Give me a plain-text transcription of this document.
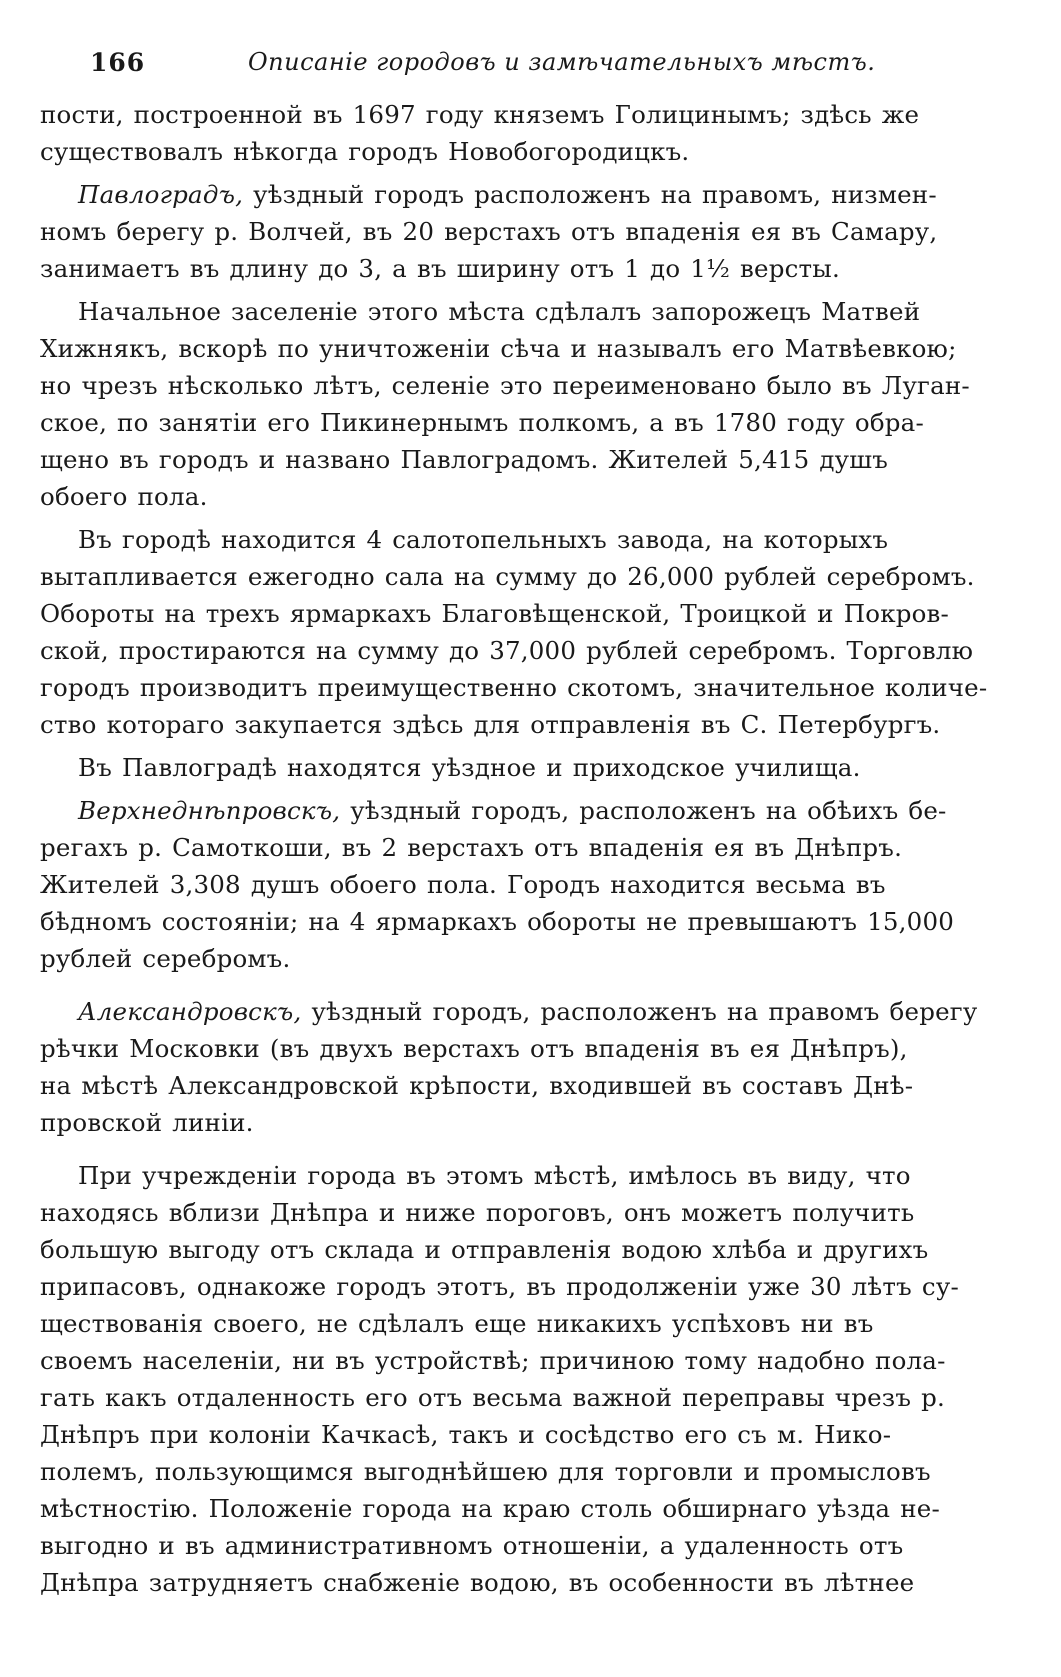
166	Описаніе городовъ и замѣчательныхъ мѣстъ.

пости, построенной въ 1697 году княземъ Голицинымъ; здѣсь же
существовалъ нѣкогда городъ Новобогородицкъ.

Павлоградъ, уѣздный городъ расположенъ на правомъ, низмен-
номъ берегу р. Волчей, въ 20 верстахъ отъ впаденія ея въ Самару,
занимаетъ въ длину до 3, а въ ширину отъ 1 до 1½ версты.

Начальное заселеніе этого мѣста сдѣлалъ запорожецъ Матвей
Хижнякъ, вскорѣ по уничтоженіи сѣча и называлъ его Матвѣевкою;
но чрезъ нѣсколько лѣтъ, селеніе это переименовано было въ Луган-
ское, по занятіи его Пикинернымъ полкомъ, а въ 1780 году обра-
щено въ городъ и названо Павлоградомъ. Жителей 5,415 душъ
обоего пола.

Въ городѣ находится 4 салотопельныхъ завода, на которыхъ
вытапливается ежегодно сала на сумму до 26,000 рублей серебромъ.
Обороты на трехъ ярмаркахъ Благовѣщенской, Троицкой и Покров-
ской, простираются на сумму до 37,000 рублей серебромъ. Торговлю
городъ производитъ преимущественно скотомъ, значительное количе-
ство котораго закупается здѣсь для отправленія въ С. Петербургъ.

Въ Павлоградѣ находятся уѣздное и приходское училища.

Верхнеднѣпровскъ, уѣздный городъ, расположенъ на обѣихъ бе-
регахъ р. Самоткоши, въ 2 верстахъ отъ впаденія ея въ Днѣпръ.
Жителей 3,308 душъ обоего пола. Городъ находится весьма въ
бѣдномъ состояніи; на 4 ярмаркахъ обороты не превышаютъ 15,000
рублей серебромъ.

Александровскъ, уѣздный городъ, расположенъ на правомъ берегу
рѣчки Московки (въ двухъ верстахъ отъ впаденія въ ея Днѣпръ),
на мѣстѣ Александровской крѣпости, входившей въ составъ Днѣ-
провской линіи.

При учрежденіи города въ этомъ мѣстѣ, имѣлось въ виду, что
находясь вблизи Днѣпра и ниже пороговъ, онъ можетъ получить
большую выгоду отъ склада и отправленія водою хлѣба и другихъ
припасовъ, однакоже городъ этотъ, въ продолженіи уже 30 лѣтъ су-
ществованія своего, не сдѣлалъ еще никакихъ успѣховъ ни въ
своемъ населеніи, ни въ устройствѣ; причиною тому надобно пола-
гать какъ отдаленность его отъ весьма важной переправы чрезъ р.
Днѣпръ при колоніи Качкасѣ, такъ и сосѣдство его съ м. Нико-
полемъ, пользующимся выгоднѣйшею для торговли и промысловъ
мѣстностію. Положеніе города на краю столь обширнаго уѣзда не-
выгодно и въ административномъ отношеніи, а удаленность отъ
Днѣпра затрудняетъ снабженіе водою, въ особенности въ лѣтнее
